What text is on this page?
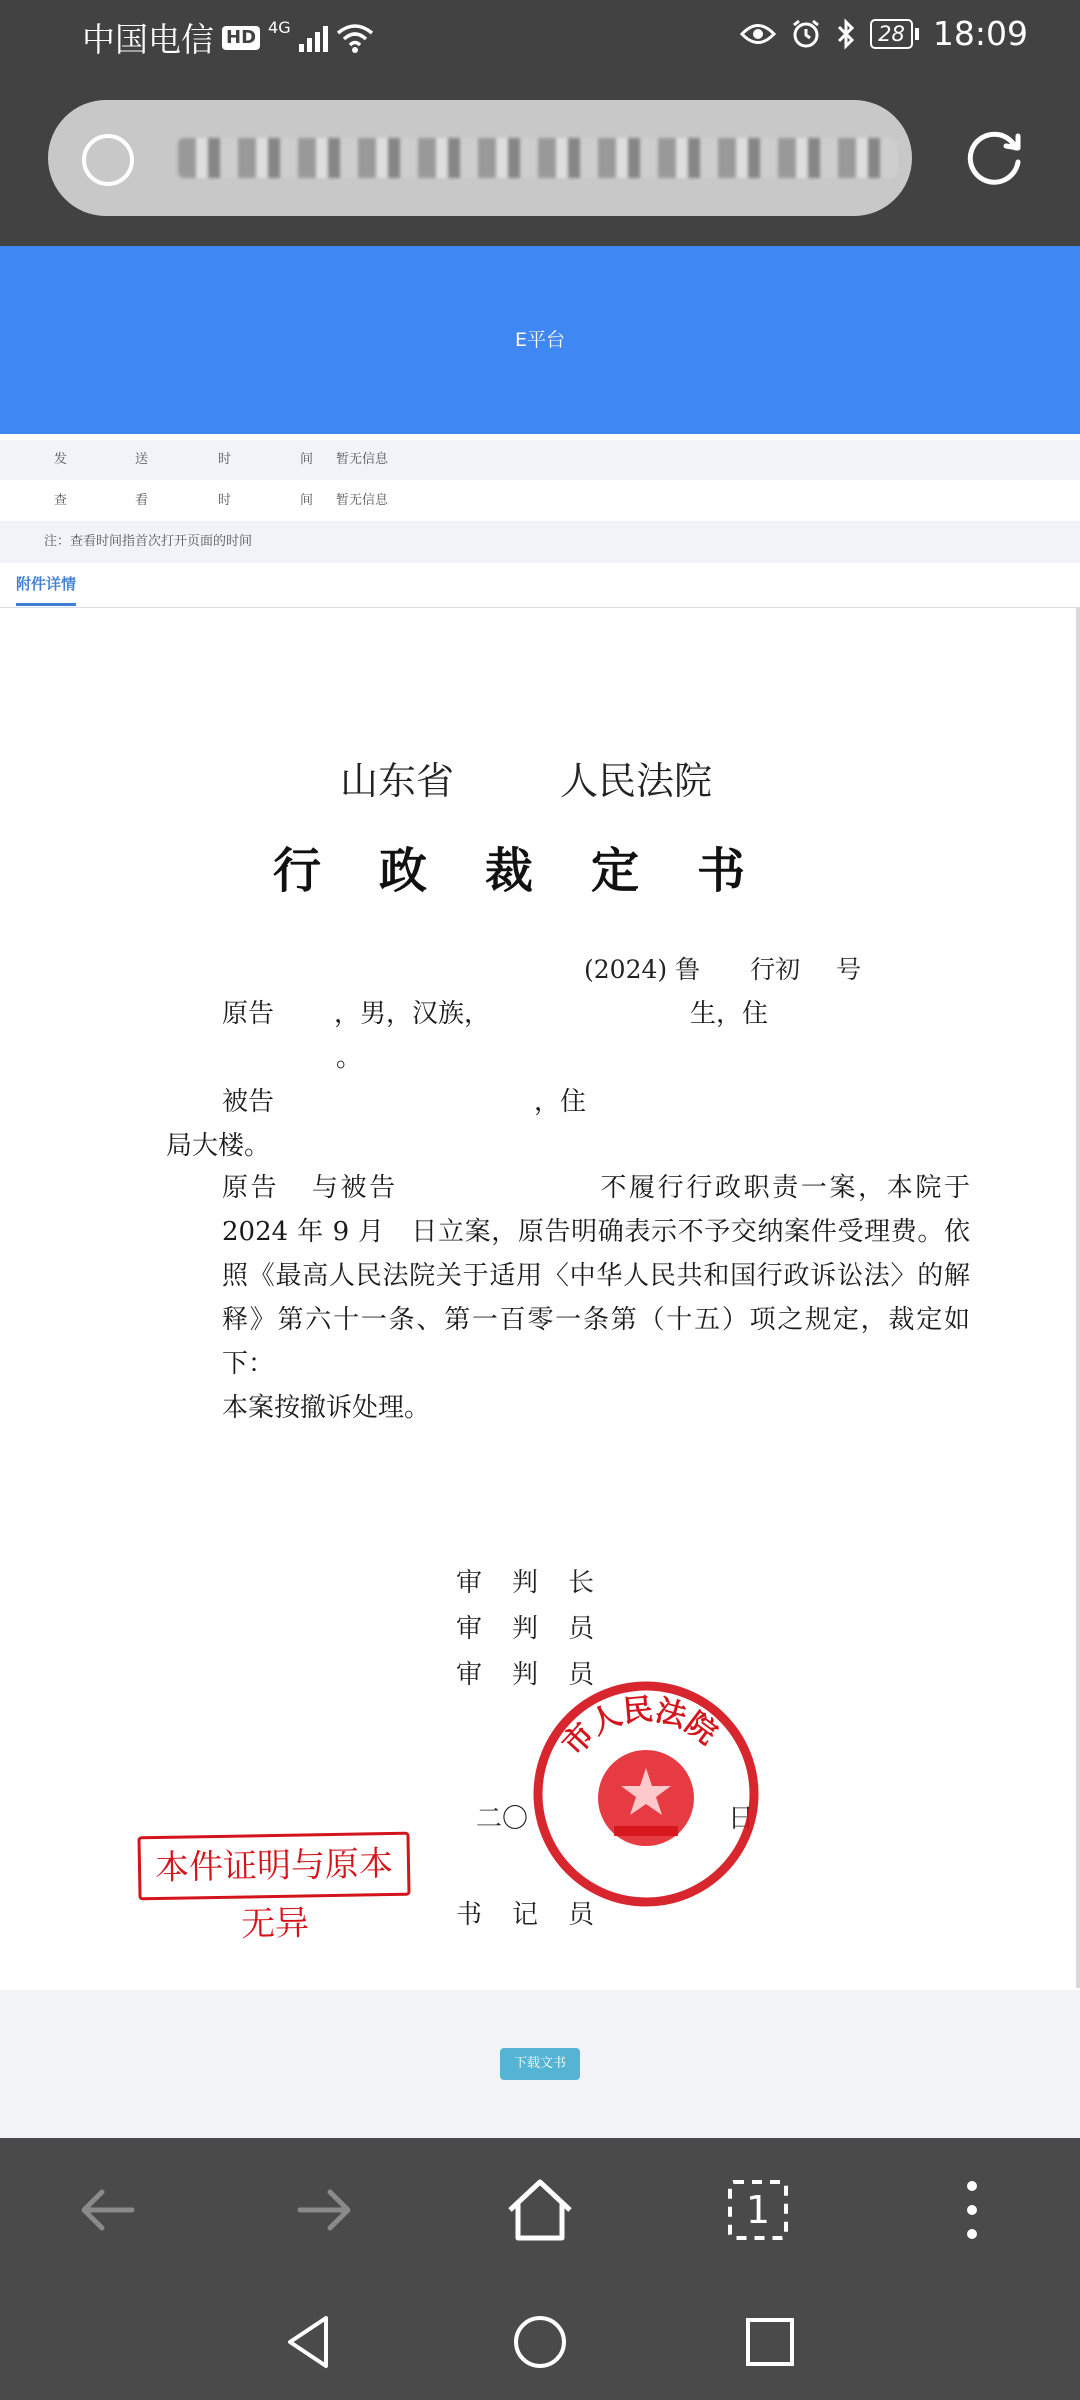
中国电信 HD 4G	28 18:09
E平台
发	送	时	间 暂无信息
查	看	时	间 暂无信息
注：查看时间指首次打开页面的时间
附件详情
山东省	人民法院
行政裁定书
(2024) 鲁 行初 号
原告 ，男，汉族，	生，住
。
被告	，住
局大楼。
原告 与被告	不履行行政职责一案，本院于 2024 年 9 月 日立案，原告明确表示不予交纳案件受理费。依照《最高人民法院关于适用〈中华人民共和国行政诉讼法〉的解释》第六十一条、第一百零一条第（十五）项之规定，裁定如下：
本案按撤诉处理。
审判长
审判员
审判员
二〇	日
书记员
本件证明与原本无异
市人民法院
下载文书
1
